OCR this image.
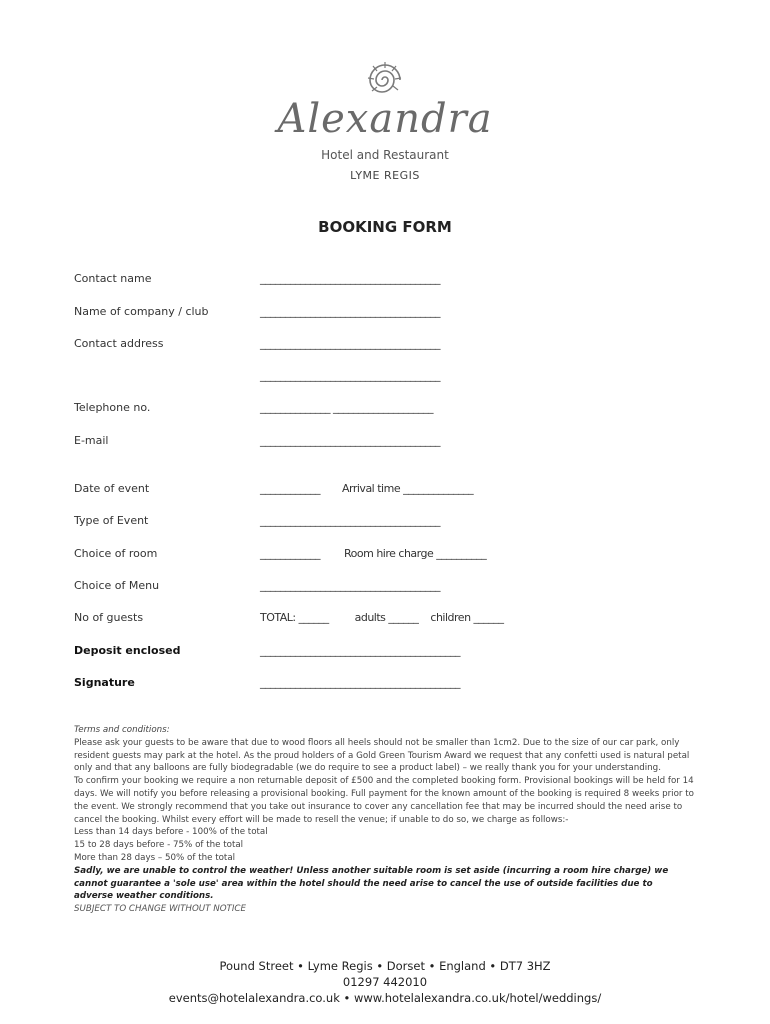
Alexandra
Hotel and Restaurant
LYME REGIS
BOOKING FORM
Contact name	____________________________________
Name of company / club	____________________________________
Contact address	____________________________________
____________________________________
Telephone no.	______________ ____________________
E-mail	____________________________________
Date of event	____________ Arrival time ______________
Type of Event	____________________________________
Choice of room	____________ Room hire charge __________
Choice of Menu	____________________________________
No of guests	TOTAL: ______ adults ______ children ______
Deposit enclosed	________________________________________
Signature	________________________________________

Terms and conditions:

Please ask your guests to be aware that due to wood floors all heels should not be smaller than 1cm2. Due to the size of our car park, only resident guests may park at the hotel. As the proud holders of a Gold Green Tourism Award we request that any confetti used is natural petal only and that any balloons are fully biodegradable (we do require to see a product label) – we really thank you for your understanding.

To confirm your booking we require a non returnable deposit of £500 and the completed booking form. Provisional bookings will be held for 14 days. We will notify you before releasing a provisional booking. Full payment for the known amount of the booking is required 8 weeks prior to the event. We strongly recommend that you take out insurance to cover any cancellation fee that may be incurred should the need arise to cancel the booking. Whilst every effort will be made to resell the venue; if unable to do so, we charge as follows:-

Less than 14 days before - 100% of the total

15 to 28 days before - 75% of the total

More than 28 days – 50% of the total

Sadly, we are unable to control the weather! Unless another suitable room is set aside (incurring a room hire charge) we cannot guarantee a 'sole use' area within the hotel should the need arise to cancel the use of outside facilities due to adverse weather conditions.

SUBJECT TO CHANGE WITHOUT NOTICE

Pound Street • Lyme Regis • Dorset • England • DT7 3HZ
01297 442010
events@hotelalexandra.co.uk • www.hotelalexandra.co.uk/hotel/weddings/
